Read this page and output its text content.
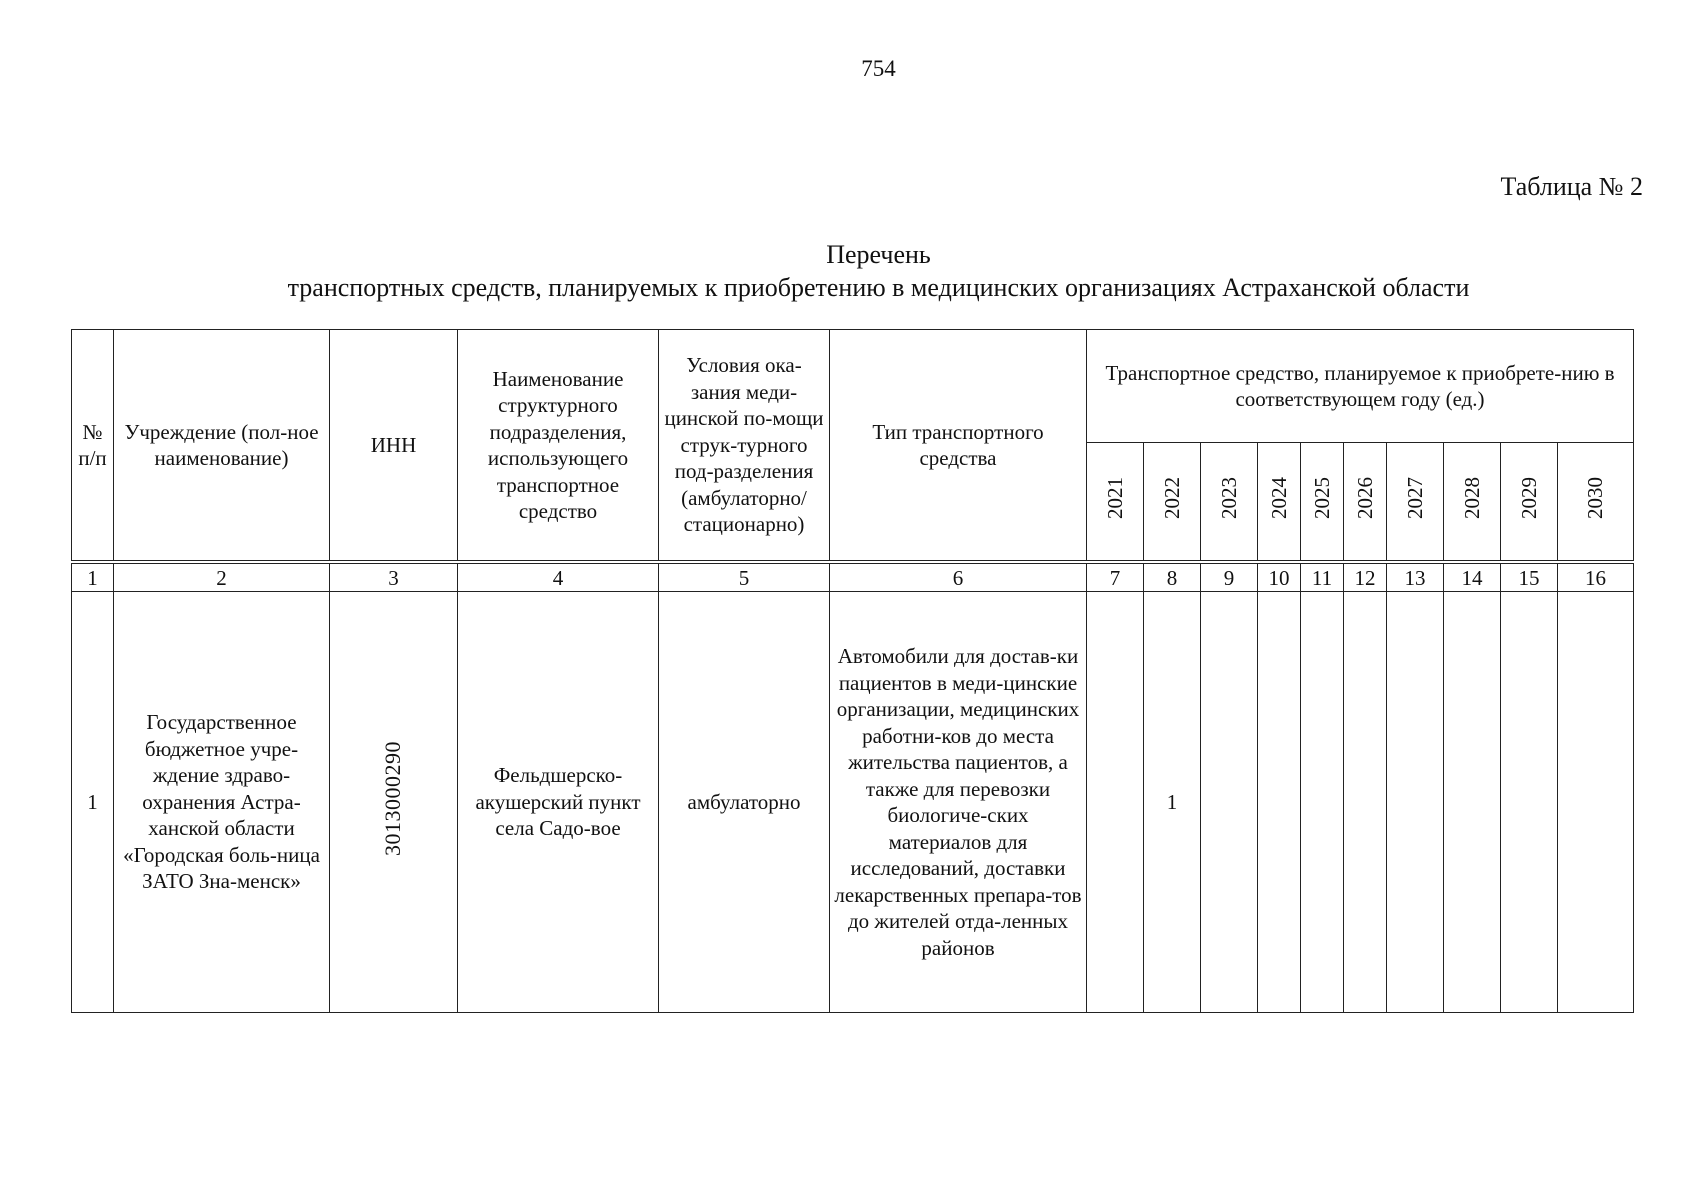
754
Таблица № 2
Перечень
транспортных средств, планируемых к приобретению в медицинских организациях Астраханской области
№ п/п	Учреждение (пол-ное наименование)	ИНН	Наименование структурного подразделения, использующего транспортное средство	Условия ока-зания меди-цинской по-мощи струк-турного под-разделения (амбулаторно/ стационарно)	Тип транспортного средства	Транспортное средство, планируемое к приобрете-нию в соответствующем году (ед.)									
						2021	2022	2023	2024	2025	2026	2027	2028	2029	2030
1	2	3	4	5	6	7	8	9	10	11	12	13	14	15	16
1	Государственное бюджетное учре-ждение здраво-охранения Астра-ханской области «Городская боль-ница ЗАТО Зна-менск»	3013000290	Фельдшерско-акушерский пункт села Садо-вое	амбулаторно	Автомобили для достав-ки пациентов в меди-цинские организации, медицинских работни-ков до места жительства пациентов, а также для перевозки биологиче-ских материалов для исследований, доставки лекарственных препара-тов до жителей отда-ленных районов		1								
